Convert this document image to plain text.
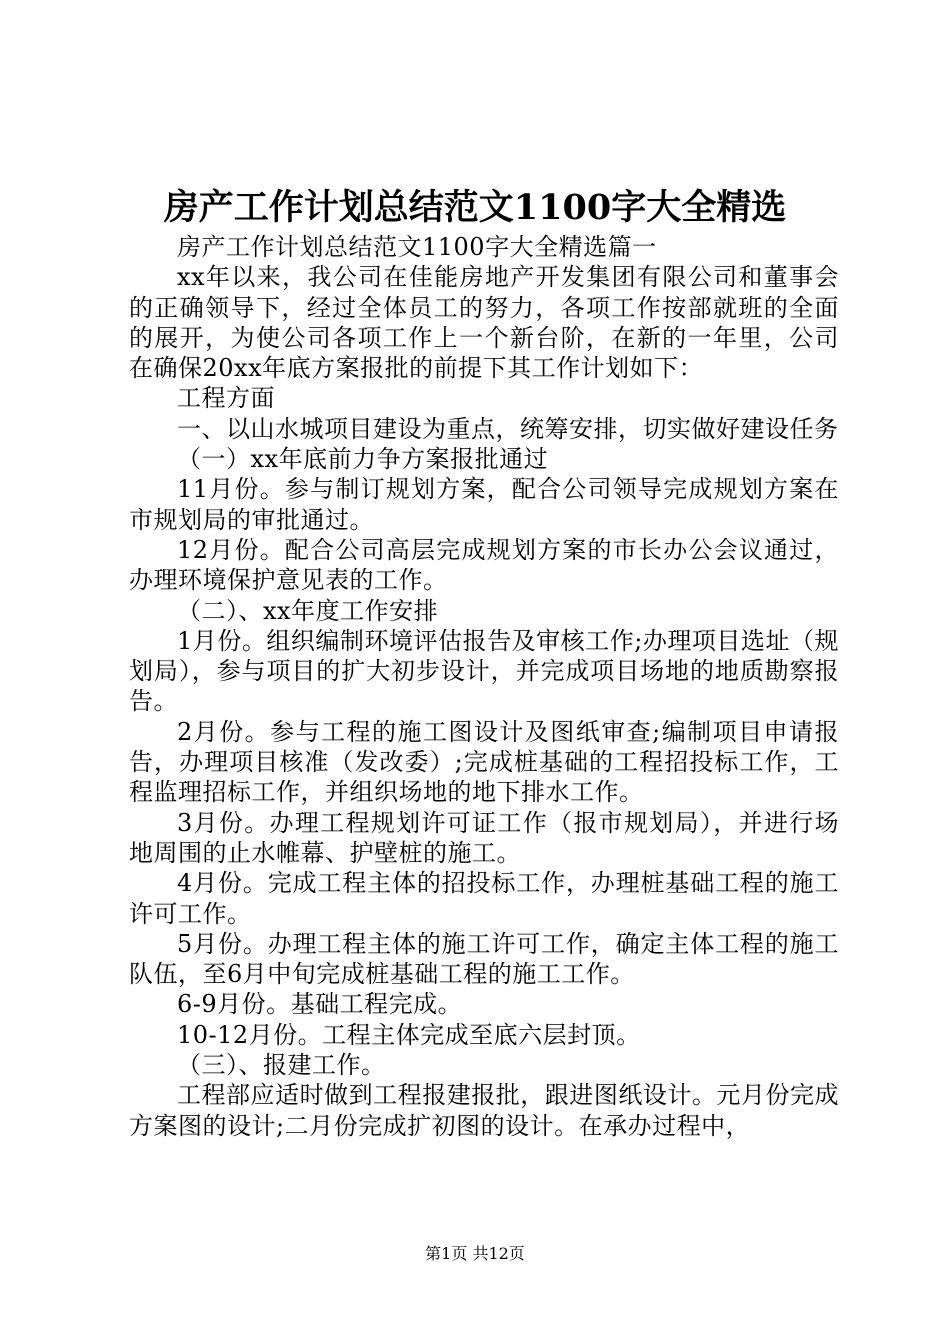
房产工作计划总结范文1100字大全精选

房产工作计划总结范文1100字大全精选篇一

xx年以来，我公司在佳能房地产开发集团有限公司和董事会的正确领导下，经过全体员工的努力，各项工作按部就班的全面的展开，为使公司各项工作上一个新台阶，在新的一年里，公司在确保20xx年底方案报批的前提下其工作计划如下：

工程方面

一、以山水城项目建设为重点，统筹安排，切实做好建设任务

（一）xx年底前力争方案报批通过

11月份。参与制订规划方案，配合公司领导完成规划方案在市规划局的审批通过。

12月份。配合公司高层完成规划方案的市长办公会议通过，办理环境保护意见表的工作。

（二）、xx年度工作安排

1月份。组织编制环境评估报告及审核工作;办理项目选址（规划局），参与项目的扩大初步设计，并完成项目场地的地质勘察报告。

2月份。参与工程的施工图设计及图纸审查;编制项目申请报告，办理项目核准（发改委）;完成桩基础的工程招投标工作，工程监理招标工作，并组织场地的地下排水工作。

3月份。办理工程规划许可证工作（报市规划局），并进行场地周围的止水帷幕、护壁桩的施工。

4月份。完成工程主体的招投标工作，办理桩基础工程的施工许可工作。

5月份。办理工程主体的施工许可工作，确定主体工程的施工队伍，至6月中旬完成桩基础工程的施工工作。

6-9月份。基础工程完成。

10-12月份。工程主体完成至底六层封顶。

（三）、报建工作。

工程部应适时做到工程报建报批，跟进图纸设计。元月份完成方案图的设计;二月份完成扩初图的设计。在承办过程中，

第1页 共12页
